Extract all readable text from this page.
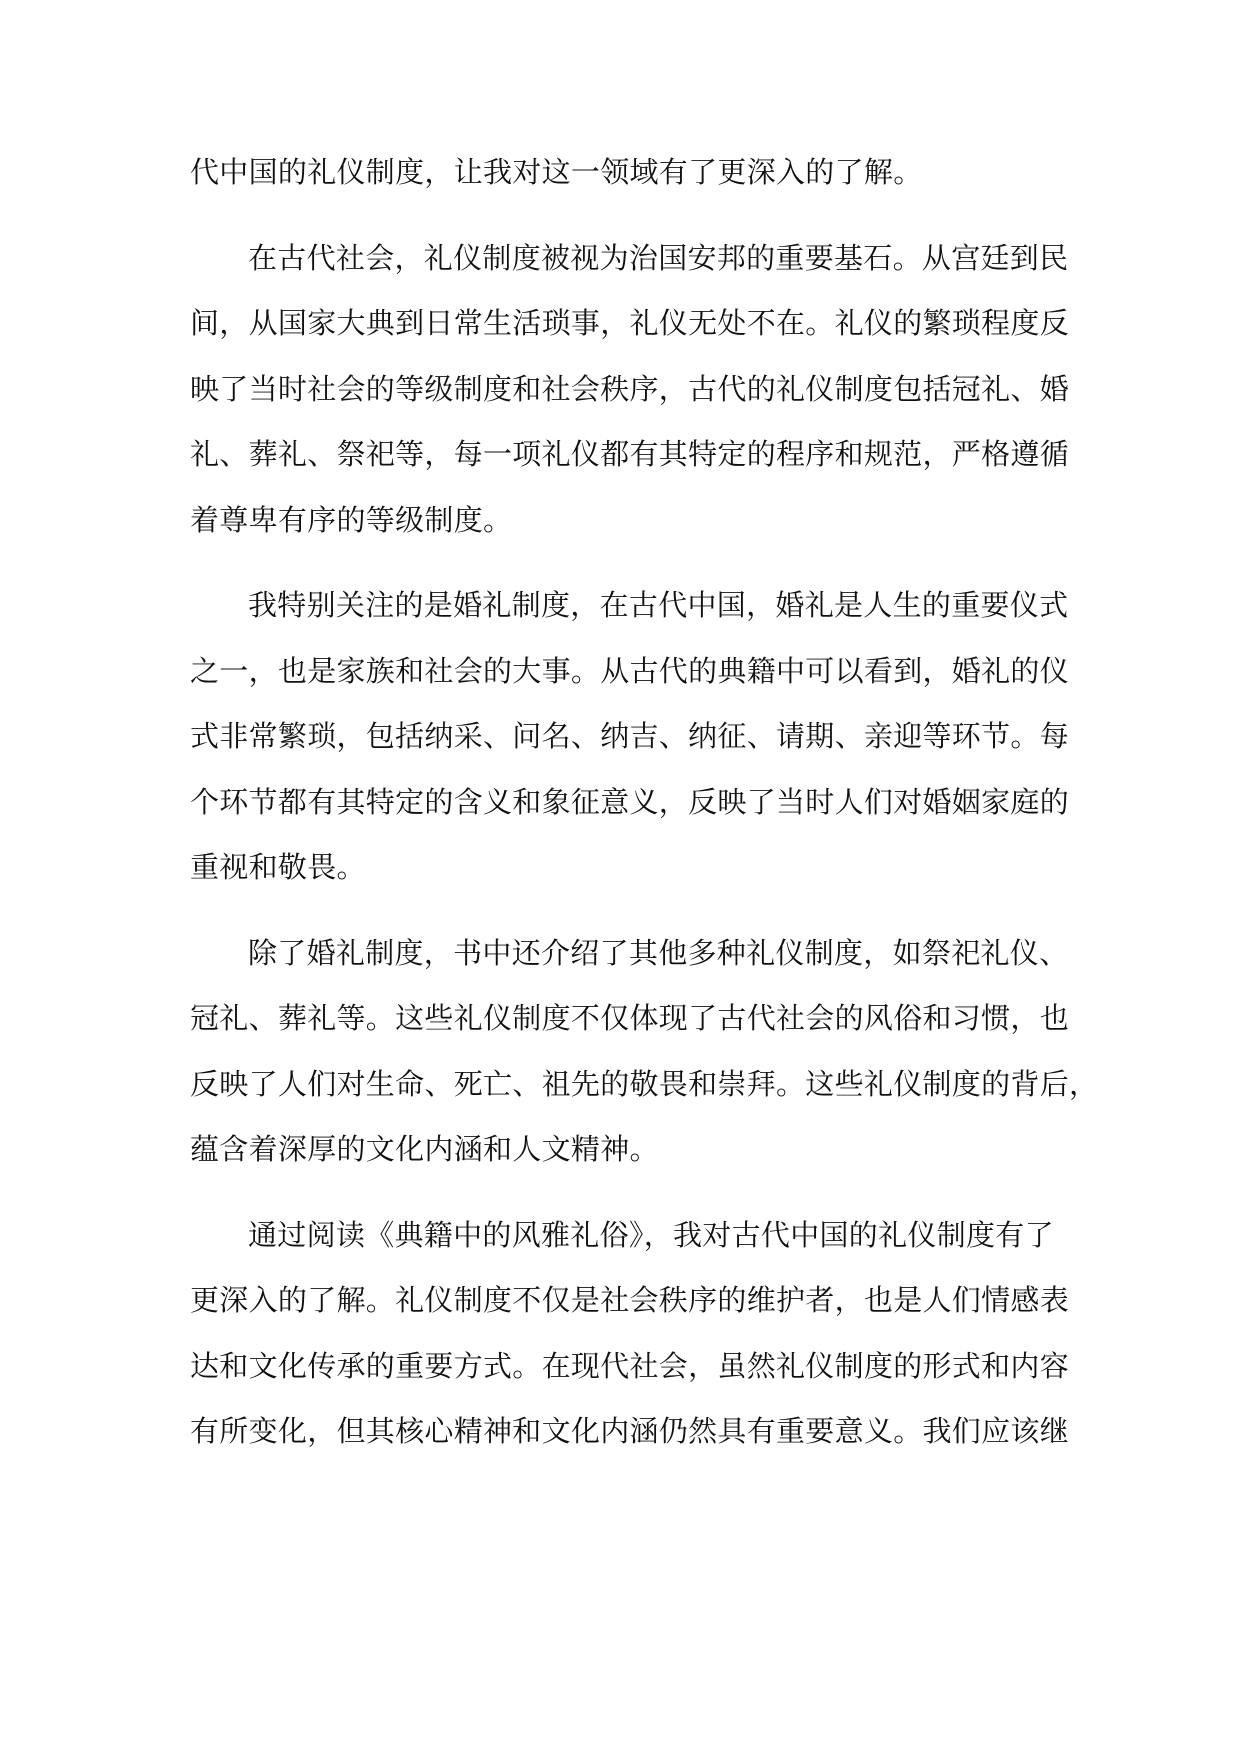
代中国的礼仪制度，让我对这一领域有了更深入的了解。
在古代社会，礼仪制度被视为治国安邦的重要基石。从宫廷到民
间，从国家大典到日常生活琐事，礼仪无处不在。礼仪的繁琐程度反
映了当时社会的等级制度和社会秩序，古代的礼仪制度包括冠礼、婚
礼、葬礼、祭祀等，每一项礼仪都有其特定的程序和规范，严格遵循
着尊卑有序的等级制度。
我特别关注的是婚礼制度，在古代中国，婚礼是人生的重要仪式
之一，也是家族和社会的大事。从古代的典籍中可以看到，婚礼的仪
式非常繁琐，包括纳采、问名、纳吉、纳征、请期、亲迎等环节。每
个环节都有其特定的含义和象征意义，反映了当时人们对婚姻家庭的
重视和敬畏。
除了婚礼制度，书中还介绍了其他多种礼仪制度，如祭祀礼仪、
冠礼、葬礼等。这些礼仪制度不仅体现了古代社会的风俗和习惯，也
反映了人们对生命、死亡、祖先的敬畏和崇拜。这些礼仪制度的背后，
蕴含着深厚的文化内涵和人文精神。
通过阅读《典籍中的风雅礼俗》，我对古代中国的礼仪制度有了
更深入的了解。礼仪制度不仅是社会秩序的维护者，也是人们情感表
达和文化传承的重要方式。在现代社会，虽然礼仪制度的形式和内容
有所变化，但其核心精神和文化内涵仍然具有重要意义。我们应该继
